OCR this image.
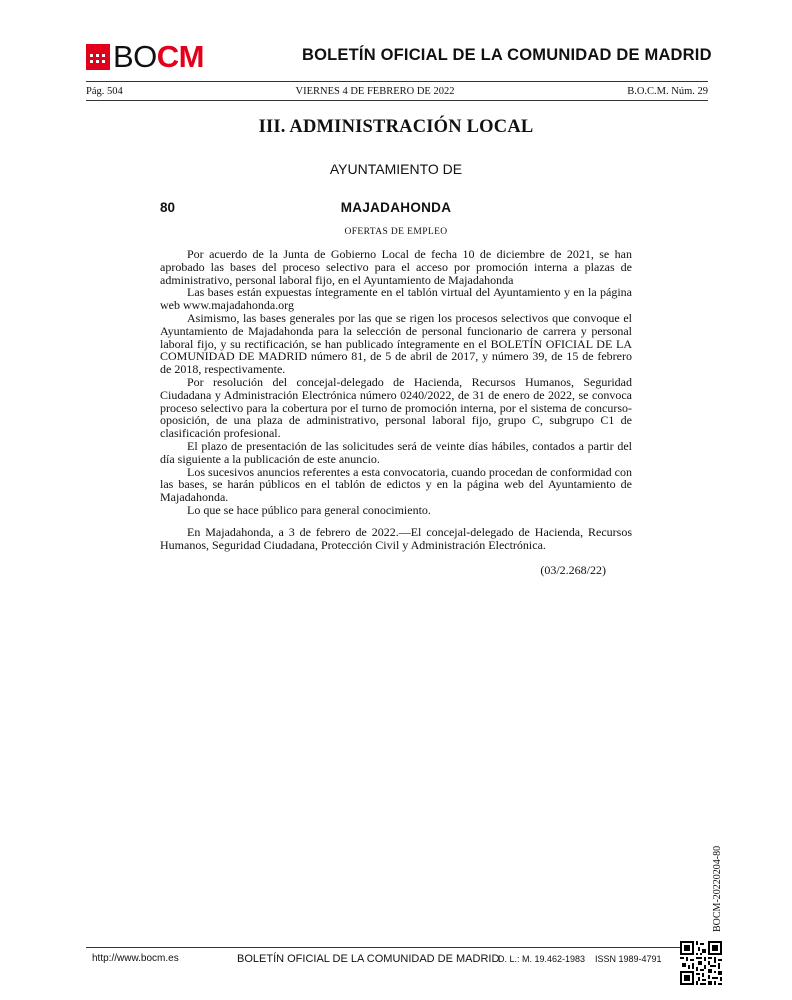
BOCM	BOLETÍN OFICIAL DE LA COMUNIDAD DE MADRID
Pág. 504	VIERNES 4 DE FEBRERO DE 2022	B.O.C.M. Núm. 29
III. ADMINISTRACIÓN LOCAL
AYUNTAMIENTO DE
80	MAJADAHONDA
OFERTAS DE EMPLEO

Por acuerdo de la Junta de Gobierno Local de fecha 10 de diciembre de 2021, se han aprobado las bases del proceso selectivo para el acceso por promoción interna a plazas de administrativo, personal laboral fijo, en el Ayuntamiento de Majadahonda

Las bases están expuestas íntegramente en el tablón virtual del Ayuntamiento y en la página web www.majadahonda.org

Asimismo, las bases generales por las que se rigen los procesos selectivos que convoque el Ayuntamiento de Majadahonda para la selección de personal funcionario de carrera y personal laboral fijo, y su rectificación, se han publicado íntegramente en el BOLETÍN OFICIAL DE LA COMUNIDAD DE MADRID número 81, de 5 de abril de 2017, y número 39, de 15 de febrero de 2018, respectivamente.

Por resolución del concejal-delegado de Hacienda, Recursos Humanos, Seguridad Ciudadana y Administración Electrónica número 0240/2022, de 31 de enero de 2022, se convoca proceso selectivo para la cobertura por el turno de promoción interna, por el sistema de concurso-oposición, de una plaza de administrativo, personal laboral fijo, grupo C, subgrupo C1 de clasificación profesional.

El plazo de presentación de las solicitudes será de veinte días hábiles, contados a partir del día siguiente a la publicación de este anuncio.

Los sucesivos anuncios referentes a esta convocatoria, cuando procedan de conformidad con las bases, se harán públicos en el tablón de edictos y en la página web del Ayuntamiento de Majadahonda.

Lo que se hace público para general conocimiento.

En Majadahonda, a 3 de febrero de 2022.—El concejal-delegado de Hacienda, Recursos Humanos, Seguridad Ciudadana, Protección Civil y Administración Electrónica.

(03/2.268/22)
BOCM-20220204-80
http://www.bocm.es	BOLETÍN OFICIAL DE LA COMUNIDAD DE MADRID
D. L.: M. 19.462-1983 ISSN 1989-4791
